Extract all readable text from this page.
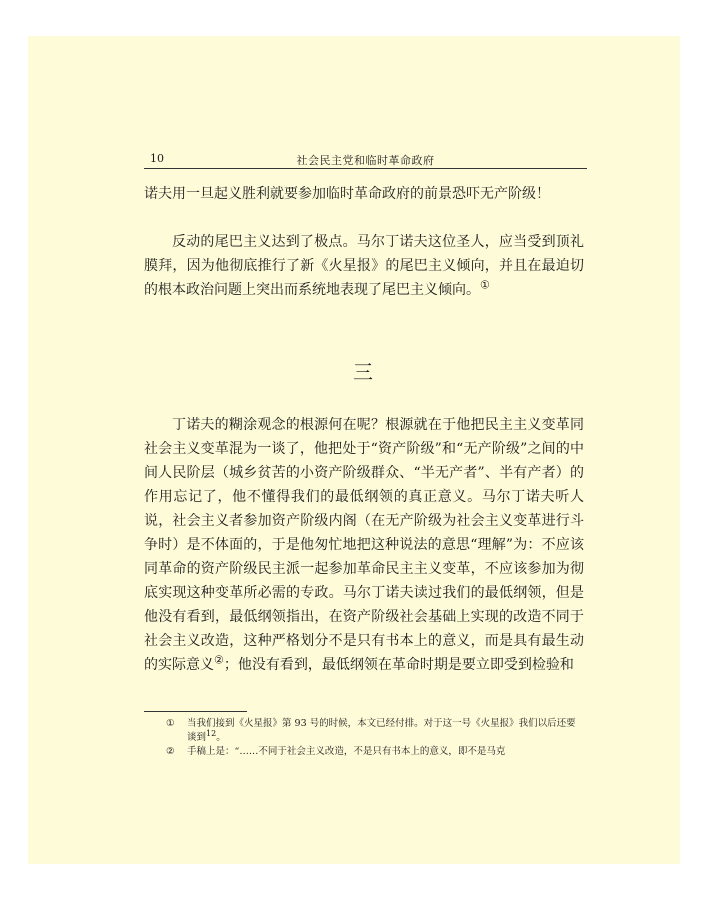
10	社会民主党和临时革命政府
诺夫用一旦起义胜利就要参加临时革命政府的前景恐吓无产阶级！
反动的尾巴主义达到了极点。马尔丁诺夫这位圣人，应当受到顶礼膜拜，因为他彻底推行了新《火星报》的尾巴主义倾向，并且在最迫切的根本政治问题上突出而系统地表现了尾巴主义倾向。①
三
丁诺夫的糊涂观念的根源何在呢？根源就在于他把民主主义变革同社会主义变革混为一谈了，他把处于“资产阶级”和“无产阶级”之间的中间人民阶层（城乡贫苦的小资产阶级群众、“半无产者”、半有产者）的作用忘记了，他不懂得我们的最低纲领的真正意义。马尔丁诺夫听人说，社会主义者参加资产阶级内阁（在无产阶级为社会主义变革进行斗争时）是不体面的，于是他匆忙地把这种说法的意思“理解”为：不应该同革命的资产阶级民主派一起参加革命民主主义变革，不应该参加为彻底实现这种变革所必需的专政。马尔丁诺夫读过我们的最低纲领，但是他没有看到，最低纲领指出，在资产阶级社会基础上实现的改造不同于社会主义改造，这种严格划分不是只有书本上的意义，而是具有最生动的实际意义②；他没有看到，最低纲领在革命时期是要立即受到检验和
① 当我们接到《火星报》第 93 号的时候，本文已经付排。对于这一号《火星报》我们以后还要谈到$^{12}$。
② 手稿上是：“……不同于社会主义改造，不是只有书本上的意义，即不是马克
